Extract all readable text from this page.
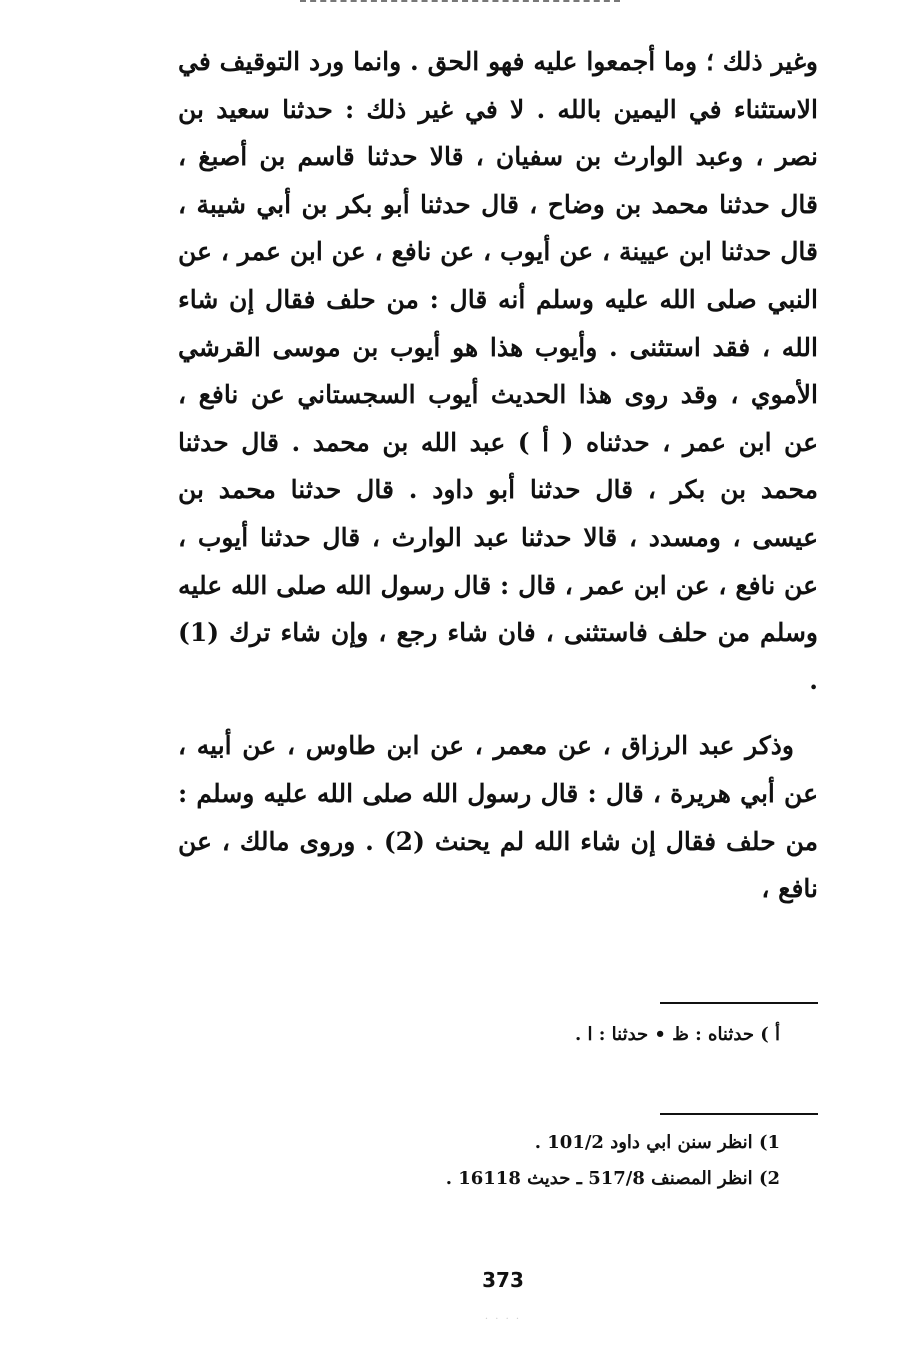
وغير ذلك ؛ وما أجمعوا عليه فهو الحق . وانما ورد التوقيف في الاستثناء في اليمين بالله . لا في غير ذلك : حدثنا سعيد بن نصر ، وعبد الوارث بن سفيان ، قالا حدثنا قاسم بن أصبغ ، قال حدثنا محمد بن وضاح ، قال حدثنا أبو بكر بن أبي شيبة ، قال حدثنا ابن عيينة ، عن أيوب ، عن نافع ، عن ابن عمر ، عن النبي صلى الله عليه وسلم أنه قال : من حلف فقال إن شاء الله ، فقد استثنى . وأيوب هذا هو أيوب بن موسى القرشي الأموي ، وقد روى هذا الحديث أيوب السجستاني عن نافع ، عن ابن عمر ، حدثناه ( أ ) عبد الله بن محمد . قال حدثنا محمد بن بكر ، قال حدثنا أبو داود . قال حدثنا محمد بن عيسى ، ومسدد ، قالا حدثنا عبد الوارث ، قال حدثنا أيوب ، عن نافع ، عن ابن عمر ، قال : قال رسول الله صلى الله عليه وسلم من حلف فاستثنى ، فان شاء رجع ، وإن شاء ترك (1) .

وذكر عبد الرزاق ، عن معمر ، عن ابن طاوس ، عن أبيه ، عن أبي هريرة ، قال : قال رسول الله صلى الله عليه وسلم : من حلف فقال إن شاء الله لم يحنث (2) . وروى مالك ، عن نافع ،

أ ) حدثناه : ظ • حدثنا : ا .
1) انظر سنن ابي داود 101/2 .
2) انظر المصنف 517/8 ـ حديث 16118 .
373
· · · ·
